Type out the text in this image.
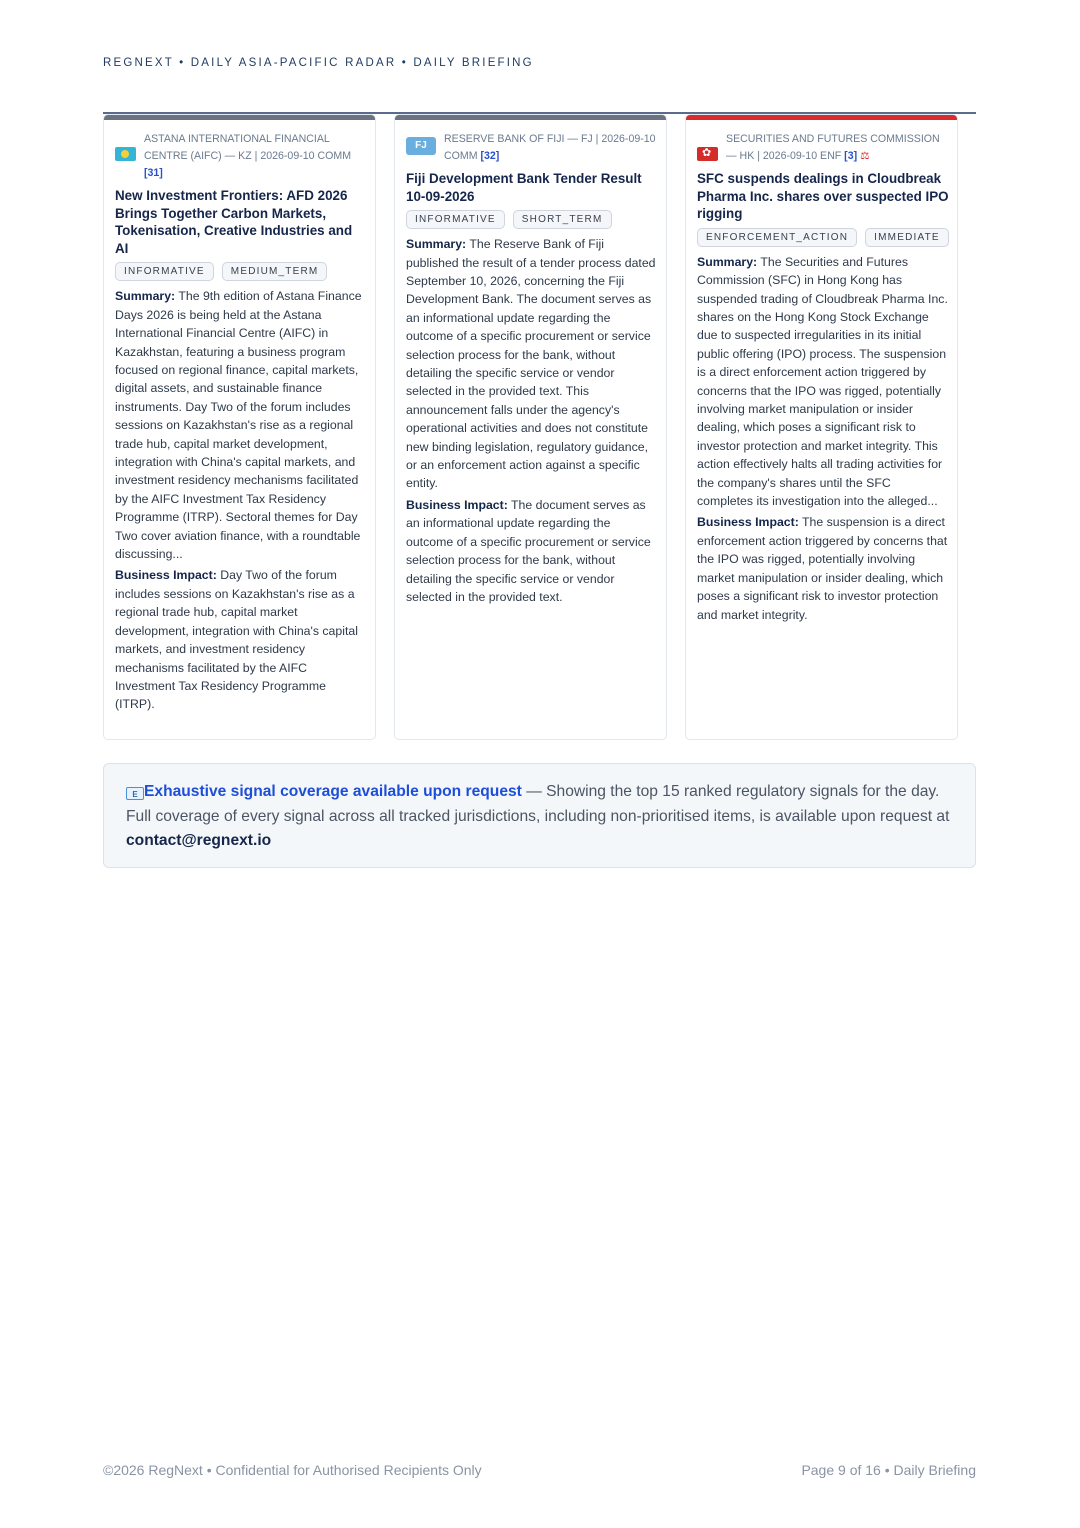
REGNEXT • DAILY ASIA-PACIFIC RADAR • DAILY BRIEFING
ASTANA INTERNATIONAL FINANCIAL CENTRE (AIFC) — KZ | 2026-09-10 COMM [31]
New Investment Frontiers: AFD 2026 Brings Together Carbon Markets, Tokenisation, Creative Industries and AI
INFORMATIVE	MEDIUM_TERM
Summary: The 9th edition of Astana Finance Days 2026 is being held at the Astana International Financial Centre (AIFC) in Kazakhstan, featuring a business program focused on regional finance, capital markets, digital assets, and sustainable finance instruments. Day Two of the forum includes sessions on Kazakhstan's rise as a regional trade hub, capital market development, integration with China's capital markets, and investment residency mechanisms facilitated by the AIFC Investment Tax Residency Programme (ITRP). Sectoral themes for Day Two cover aviation finance, with a roundtable discussing...
Business Impact: Day Two of the forum includes sessions on Kazakhstan's rise as a regional trade hub, capital market development, integration with China's capital markets, and investment residency mechanisms facilitated by the AIFC Investment Tax Residency Programme (ITRP).
FJ
RESERVE BANK OF FIJI — FJ | 2026-09-10 COMM [32]
Fiji Development Bank Tender Result 10-09-2026
INFORMATIVE	SHORT_TERM
Summary: The Reserve Bank of Fiji published the result of a tender process dated September 10, 2026, concerning the Fiji Development Bank. The document serves as an informational update regarding the outcome of a specific procurement or service selection process for the bank, without detailing the specific service or vendor selected in the provided text. This announcement falls under the agency's operational activities and does not constitute new binding legislation, regulatory guidance, or an enforcement action against a specific entity.
Business Impact: The document serves as an informational update regarding the outcome of a specific procurement or service selection process for the bank, without detailing the specific service or vendor selected in the provided text.
✿
SECURITIES AND FUTURES COMMISSION — HK | 2026-09-10 ENF [3] ⚖
SFC suspends dealings in Cloudbreak Pharma Inc. shares over suspected IPO rigging
ENFORCEMENT_ACTION	IMMEDIATE
Summary: The Securities and Futures Commission (SFC) in Hong Kong has suspended trading of Cloudbreak Pharma Inc. shares on the Hong Kong Stock Exchange due to suspected irregularities in its initial public offering (IPO) process. The suspension is a direct enforcement action triggered by concerns that the IPO was rigged, potentially involving market manipulation or insider dealing, which poses a significant risk to investor protection and market integrity. This action effectively halts all trading activities for the company's shares until the SFC completes its investigation into the alleged...
Business Impact: The suspension is a direct enforcement action triggered by concerns that the IPO was rigged, potentially involving market manipulation or insider dealing, which poses a significant risk to investor protection and market integrity.
E Exhaustive signal coverage available upon request — Showing the top 15 ranked regulatory signals for the day. Full coverage of every signal across all tracked jurisdictions, including non-prioritised items, is available upon request at contact@regnext.io
©2026 RegNext • Confidential for Authorised Recipients Only	Page 9 of 16 • Daily Briefing
